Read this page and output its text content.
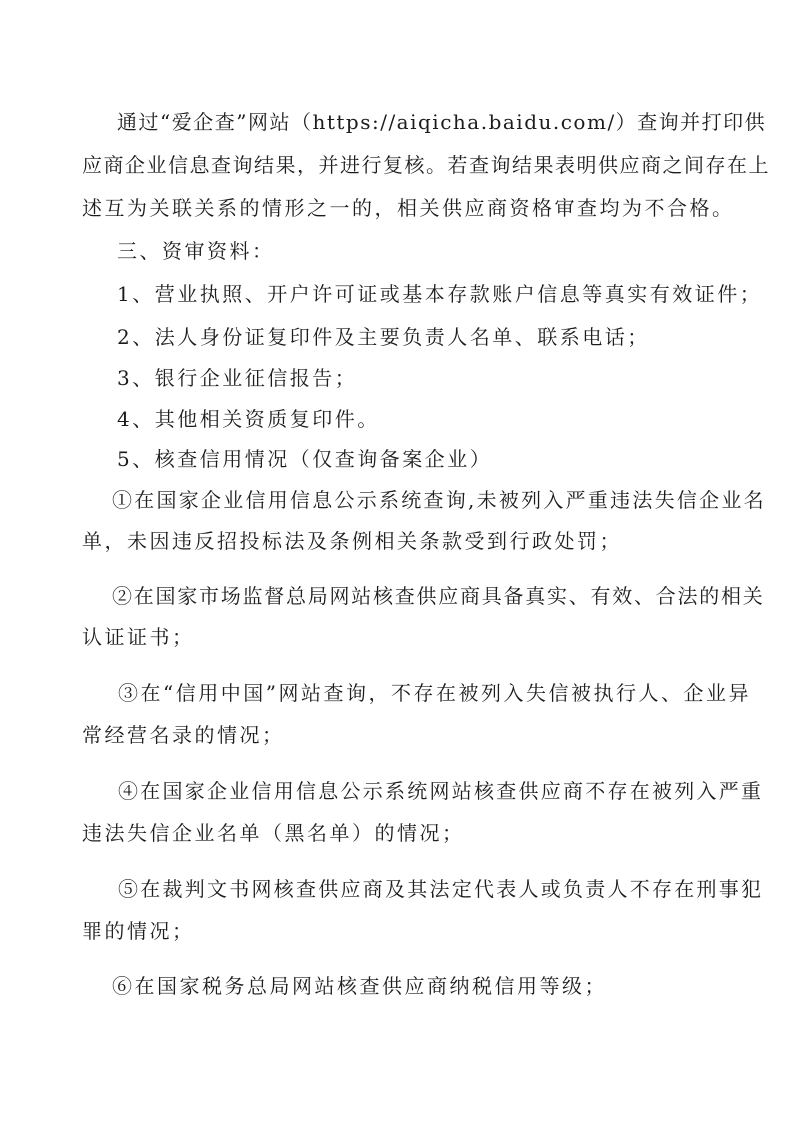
通过“爱企查”网站（https://aiqicha.baidu.com/）查询并打印供

应商企业信息查询结果，并进行复核。若查询结果表明供应商之间存在上

述互为关联关系的情形之一的，相关供应商资格审查均为不合格。

三、资审资料：

1、营业执照、开户许可证或基本存款账户信息等真实有效证件；

2、法人身份证复印件及主要负责人名单、联系电话；

3、银行企业征信报告；

4、其他相关资质复印件。

5、核查信用情况（仅查询备案企业）

①在国家企业信用信息公示系统查询,未被列入严重违法失信企业名

单，未因违反招投标法及条例相关条款受到行政处罚；

②在国家市场监督总局网站核查供应商具备真实、有效、合法的相关

认证证书；

③在“信用中国”网站查询，不存在被列入失信被执行人、企业异

常经营名录的情况；

④在国家企业信用信息公示系统网站核查供应商不存在被列入严重

违法失信企业名单（黑名单）的情况；

⑤在裁判文书网核查供应商及其法定代表人或负责人不存在刑事犯

罪的情况；

⑥在国家税务总局网站核查供应商纳税信用等级；
